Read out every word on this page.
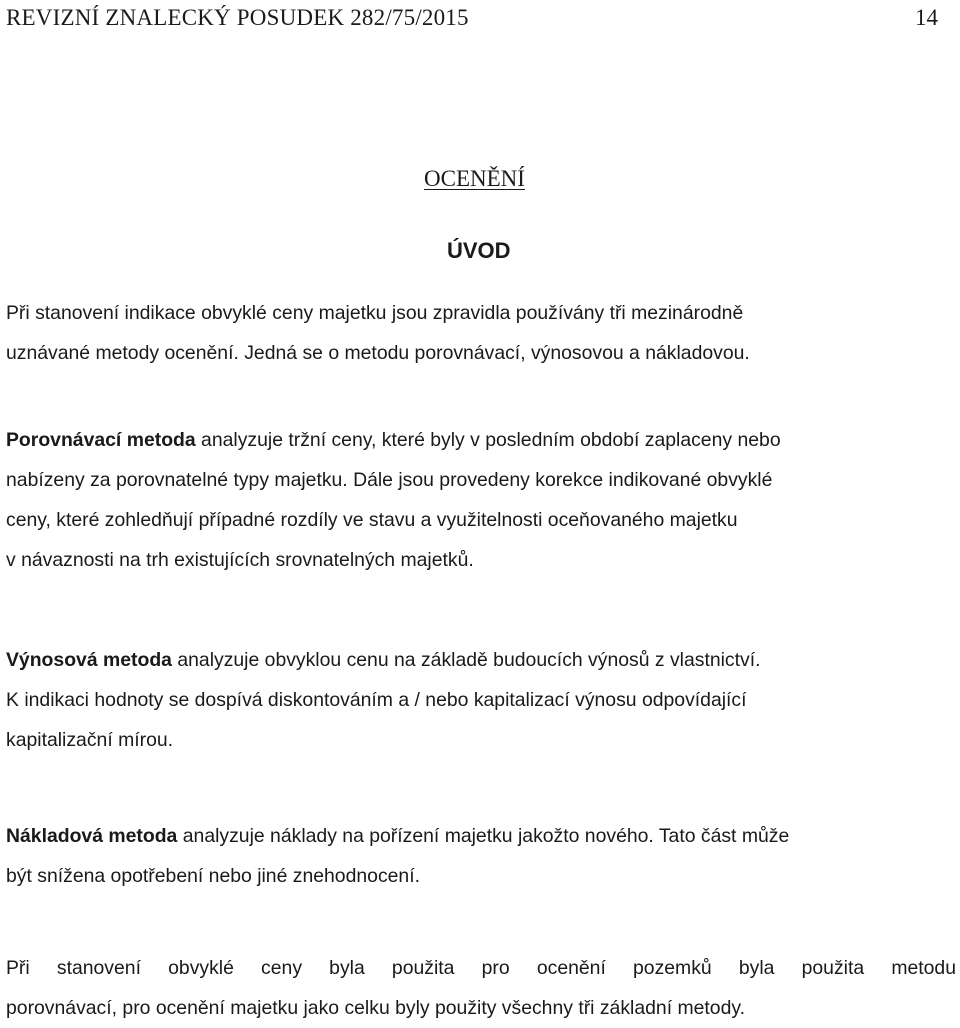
REVIZNÍ ZNALECKÝ POSUDEK 282/75/2015	14
OCENĚNÍ
ÚVOD
Při stanovení indikace obvyklé ceny majetku jsou zpravidla používány tři mezinárodně
uznávané metody ocenění. Jedná se o metodu porovnávací, výnosovou a nákladovou.
Porovnávací metoda analyzuje tržní ceny, které byly v posledním období zaplaceny nebo
nabízeny za porovnatelné typy majetku. Dále jsou provedeny korekce indikované obvyklé
ceny, které zohledňují případné rozdíly ve stavu a využitelnosti oceňovaného majetku
v návaznosti na trh existujících srovnatelných majetků.
Výnosová metoda analyzuje obvyklou cenu na základě budoucích výnosů z vlastnictví.
K indikaci hodnoty se dospívá diskontováním a / nebo kapitalizací výnosu odpovídající
kapitalizační mírou.
Nákladová metoda analyzuje náklady na pořízení majetku jakožto nového. Tato část může
být snížena opotřebení nebo jiné znehodnocení.
Při stanovení obvyklé ceny byla použita pro ocenění pozemků byla použita metodu
porovnávací, pro ocenění majetku jako celku byly použity všechny tři základní metody.
